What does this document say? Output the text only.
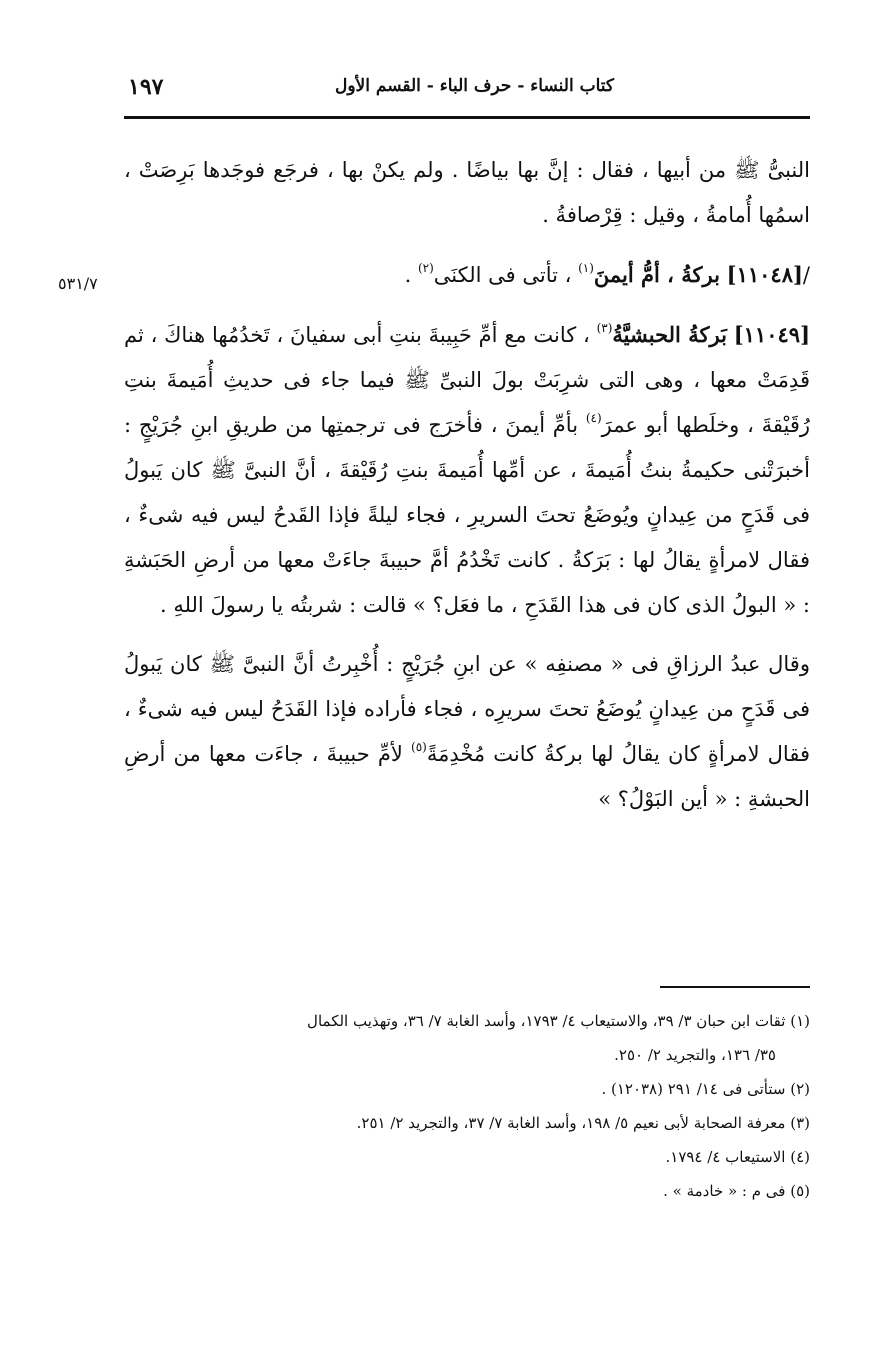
١٩٧	كتاب النساء - حرف الباء - القسم الأول
٥٣١/٧

النبىُّ ﷺ من أبيها ، فقال : إنَّ بها بياضًا . ولم يكنْ بها ، فرجَع فوجَدها بَرِصَتْ ، اسمُها أُمامةُ ، وقيل : قِرْصافةُ .

/[١١٠٤٨] بركةُ ، أمُّ أيمنَ$^{(١)}$ ، تأتى فى الكنَى$^{(٢)}$ .

[١١٠٤٩] بَركةُ الحبشيَّةُ$^{(٣)}$ ، كانت مع أمِّ حَبِيبةَ بنتِ أبى سفيانَ ، تَخدُمُها هناكَ ، ثم قَدِمَتْ معها ، وهى التى شرِبَتْ بولَ النبىِّ ﷺ فيما جاء فى حديثِ أُمَيمةَ بنتِ رُقَيْقةَ ، وخلَطها أبو عمرَ$^{(٤)}$ بأمِّ أيمنَ ، فأخرَج فى ترجمتِها من طريقِ ابنِ جُرَيْجٍ : أخبرَتْنى حكيمةُ بنتُ أُمَيمةَ ، عن أمِّها أُمَيمةَ بنتِ رُقَيْقةَ ، أنَّ النبىَّ ﷺ كان يَبولُ فى قَدَحٍ من عِيدانٍ ويُوضَعُ تحتَ السريرِ ، فجاء ليلةً فإذا القَدحُ ليس فيه شىءٌ ، فقال لامرأةٍ يقالُ لها : بَرَكةُ . كانت تَخْدُمُ أمَّ حبيبةَ جاءَتْ معها من أرضِ الحَبَشةِ : « البولُ الذى كان فى هذا القَدَحِ ، ما فعَل؟ » قالت : شربتُه يا رسولَ اللهِ .

وقال عبدُ الرزاقِ فى « مصنفِه » عن ابنِ جُرَيْجٍ : أُخْبِرتُ أنَّ النبىَّ ﷺ كان يَبولُ فى قَدَحٍ من عِيدانٍ يُوضَعُ تحتَ سريرِه ، فجاء فأراده فإذا القَدَحُ ليس فيه شىءٌ ، فقال لامرأةٍ كان يقالُ لها بركةُ كانت مُخْدِمَةً$^{(٥)}$ لأمِّ حبيبةَ ، جاءَت معها من أرضِ الحبشةِ : « أين البَوْلُ؟ »

(١) ثقات ابن حبان ٣/ ٣٩، والاستيعاب ٤/ ١٧٩٣، وأسد الغابة ٧/ ٣٦، وتهذيب الكمال
٣٥/ ١٣٦، والتجريد ٢/ ٢٥٠.

(٢) ستأتى فى ١٤/ ٢٩١ (١٢٠٣٨) .

(٣) معرفة الصحابة لأبى نعيم ٥/ ١٩٨، وأسد الغابة ٧/ ٣٧، والتجريد ٢/ ٢٥١.

(٤) الاستيعاب ٤/ ١٧٩٤.

(٥) فى م : « خادمة » .
